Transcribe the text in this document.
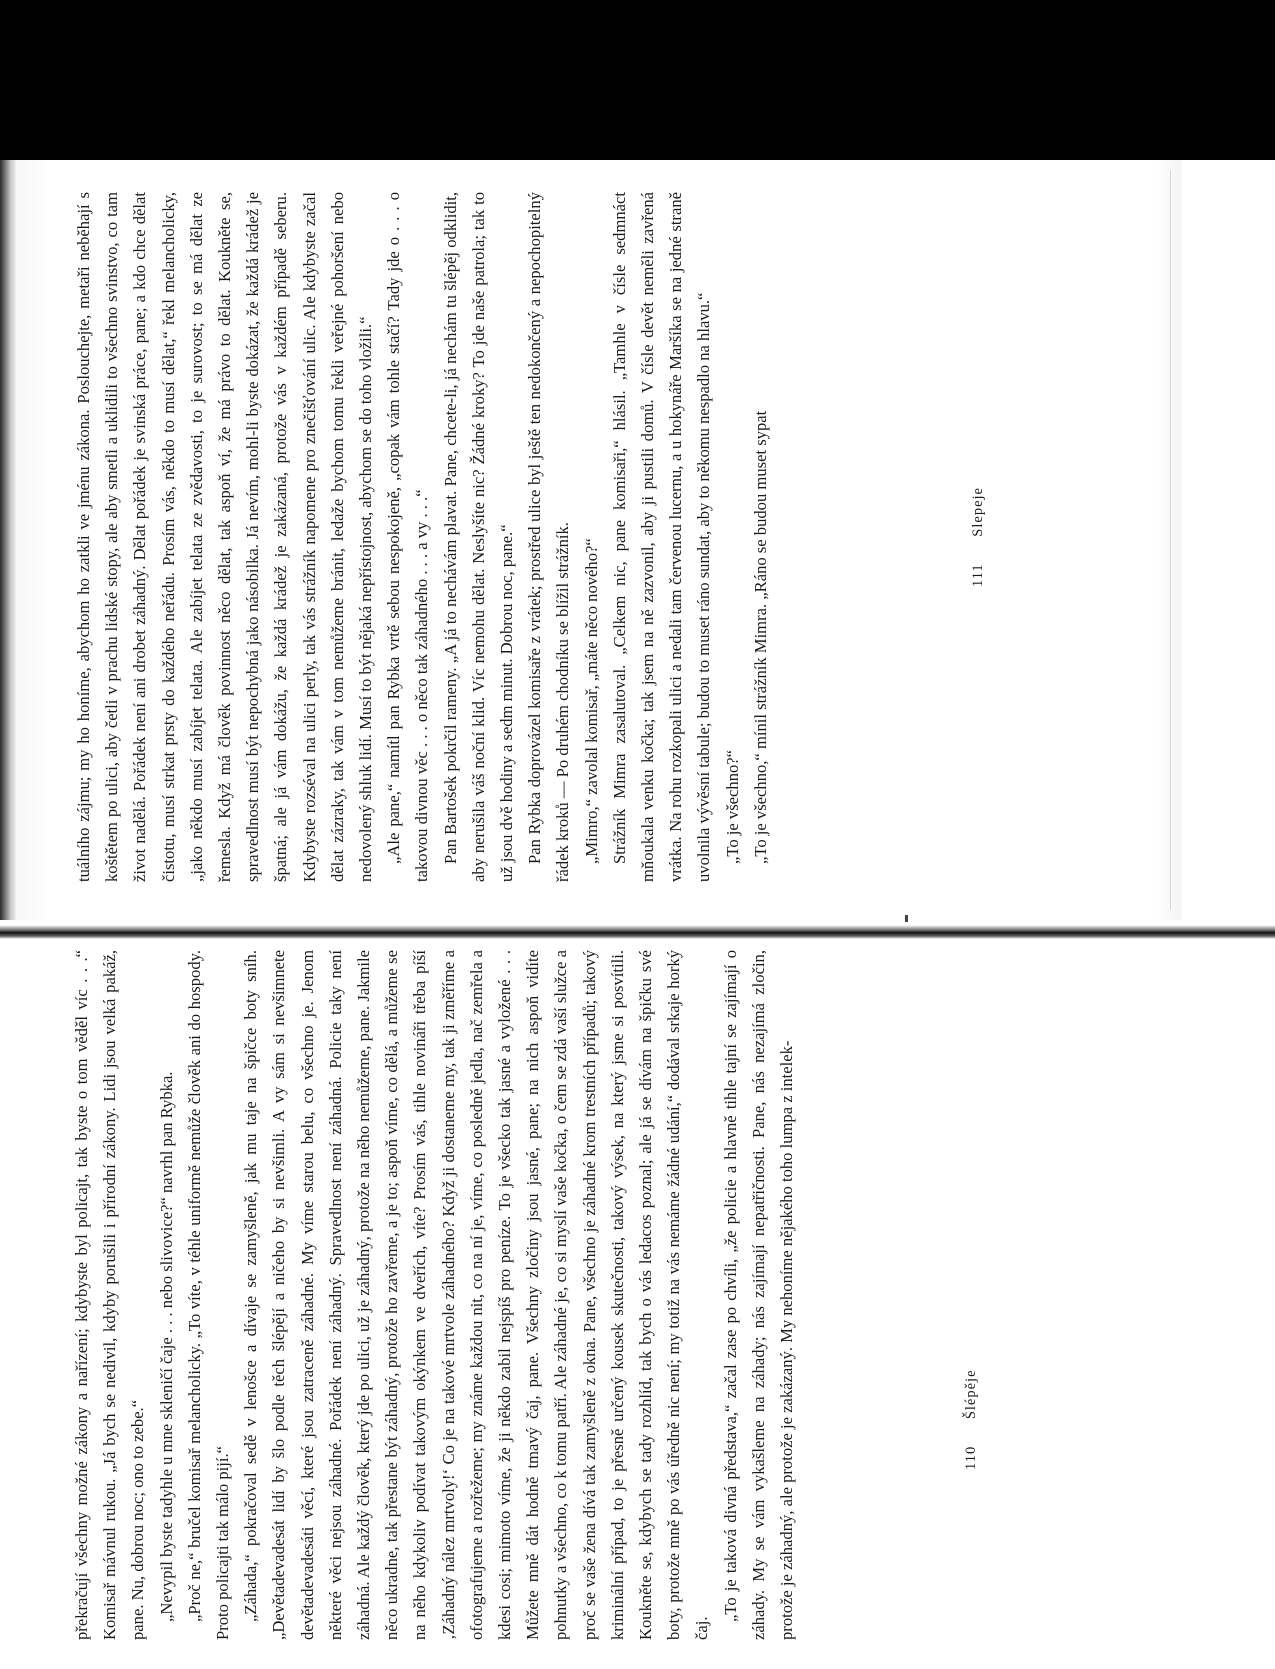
tuálního zájmu; my ho honíme, abychom ho zatkli ve jménu zákona. Poslouchejte, metaři neběhají s koštětem po ulici, aby četli v prachu lidské stopy, ale aby smetli a uklidili to všechno svinstvo, co tam život nadělá. Pořádek není ani drobet záhadný. Dělat pořádek je svinská práce, pane; a kdo chce dělat čistotu, musí strkat prsty do každého neřádu. Prosím vás, někdo to musí dělat,“ řekl melancholicky, „jako někdo musí zabíjet telata. Ale zabíjet telata ze zvědavosti, to je surovost; to se má dělat ze řemesla. Když má člověk povinnost něco dělat, tak aspoň ví, že má právo to dělat. Koukněte se, spravedlnost musí být nepochybná jako násobilka. Já nevím, mohl-li byste dokázat, že každá krádež je špatná; ale já vám dokážu, že každá krádež je zakázaná, protože vás v každém případě seberu. Kdybyste rozséval na ulici perly, tak vás strážník napomene pro znečišťování ulic. Ale kdybyste začal dělat zázraky, tak vám v tom nemůžeme bránit, ledaže bychom tomu řekli veřejné pohoršení nebo nedovolený shluk lidí. Musí to být nějaká nepřístojnost, abychom se do toho vložili.“ „Ale pane,“ namítl pan Rybka vrtě sebou nespokojeně, „copak vám tohle stačí? Tady jde o . . . o takovou divnou věc . . . o něco tak záhadného . . . a vy . . .“ Pan Bartošek pokrčil rameny. „A já to nechávám plavat. Pane, chcete-li, já nechám tu šlépěj odklidit, aby nerušila váš noční klid. Víc nemohu dělat. Neslyšíte nic? Žádné kroky? To jde naše patrola; tak to už jsou dvě hodiny a sedm minut. Dobrou noc, pane.“ Pan Rybka doprovázel komisaře z vrátek; prostřed ulice byl ještě ten nedokončený a nepochopitelný řádek kroků — Po druhém chodníku se blížil strážník. „Mimro,“ zavolal komisař, „máte něco nového?“ Strážník Mimra zasalutoval. „Celkem nic, pane komisaři,“ hlásil. „Tamhle v čísle sedmnáct mňoukala venku kočka; tak jsem na ně zazvonil, aby ji pustili domů. V čísle devět neměli zavřená vrátka. Na rohu rozkopali ulici a nedali tam červenou lucernu, a u hokynáře Maršíka se na jedné straně uvolnila vývěsní tabule; budou to muset ráno sundat, aby to někomu nespadlo na hlavu.“ „To je všechno?“ „To je všechno,“ mínil strážník Mimra. „Ráno se budou muset sypat	111 Slepeje

překračují všechny možné zákony a nařízení; kdybyste byl policajt, tak byste o tom věděl víc . . .“ Komisař mávnul rukou. „Já bych se nedivil, kdyby porušili i přírodní zákony. Lidi jsou velká pakáž, pane. Nu, dobrou noc; ono to zebe.“ „Nevypil byste tadyhle u mne skleničí čaje . . . nebo slivovice?“ navrhl pan Rybka. „Proč ne,“ bručel komisař melancholicky. „To víte, v téhle uniformě nemůže člověk ani do hospody. Proto policajti tak málo pijí.“ „Záhada,“ pokračoval sedě v lenošce a dívaje se zamyšleně, jak mu taje na špičce boty sníh. „Devětadevadesát lidí by šlo podle těch šlépějí a ničeho by si nevšimli. A vy sám si nevšimnete devětadevadesáti věcí, které jsou zatraceně záhadné. My víme starou belu, co všechno je. Jenom některé věci nejsou záhadné. Pořádek není záhadný. Spravedlnost není záhadná. Policie taky není záhadná. Ale každý člověk, který jde po ulici, už je záhadný, protože na něho nemůžeme, pane. Jakmile něco ukradne, tak přestane být záhadný, protože ho zavřeme, a je to; aspoň víme, co dělá, a můžeme se na něho kdykoliv podívat takovým okýnkem ve dveřích, víte? Prosím vás, tihle novináři třeba píší ‚Záhadný nález mrtvoly!‘ Co je na takové mrtvole záhadného? Když ji dostaneme my, tak ji změříme a ofotografujeme a rozřežeme; my známe každou nit, co na ní je, víme, co posledně jedla, nač zemřela a kdesi cosi; mimoto víme, že ji někdo zabil nejspíš pro peníze. To je všecko tak jasné a vyložené . . . Můžete mně dát hodně tmavý čaj, pane. Všechny zločiny jsou jasné, pane; na nich aspoň vidíte pohnutky a všechno, co k tomu patří. Ale záhadné je, co si myslí vaše kočka, o čem se zdá vaší služce a proč se vaše žena dívá tak zamyšleně z okna. Pane, všechno je záhadné krom trestních případů; takový kriminální případ, to je přesně určený kousek skutečnosti, takový výsek, na který jsme si posvítili. Koukněte se, kdybych se tady rozhlíd, tak bych o vás ledacos poznal; ale já se dívám na špičku své boty, protože mně po vás úředně nic není; my totiž na vás nemáme žádné udání,“ dodával srkaje horký čaj.

„To je taková divná představa,“ začal zase po chvíli, „že policie a hlavně tihle tajní se zajímají o záhady. My se vám vykašleme na záhady; nás zajímají nepatřičnosti. Pane, nás nezajímá zločin, protože je záhadný, ale protože je zakázaný. My nehoníme nějakého toho lumpa z intelek-	110 Šlépěje
